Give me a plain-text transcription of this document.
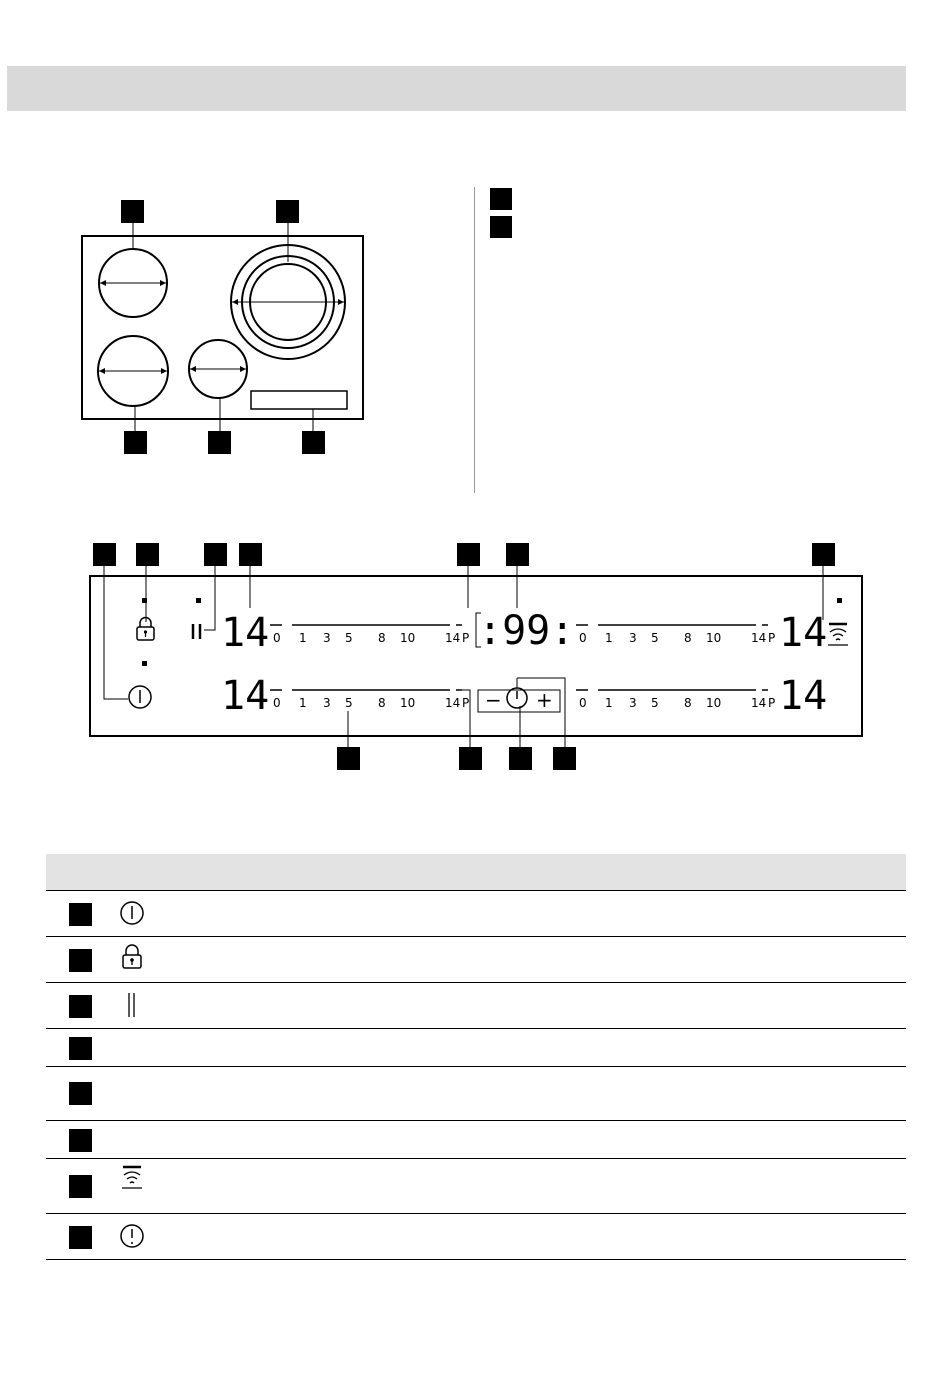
14
14
14
14
0 1 3 5 8 10 14 P
0 1 3 5 8 10 14 P
0 1 3 5 8 10 14 P
0 1 3 5 8 10 14 P
:99:
− +
